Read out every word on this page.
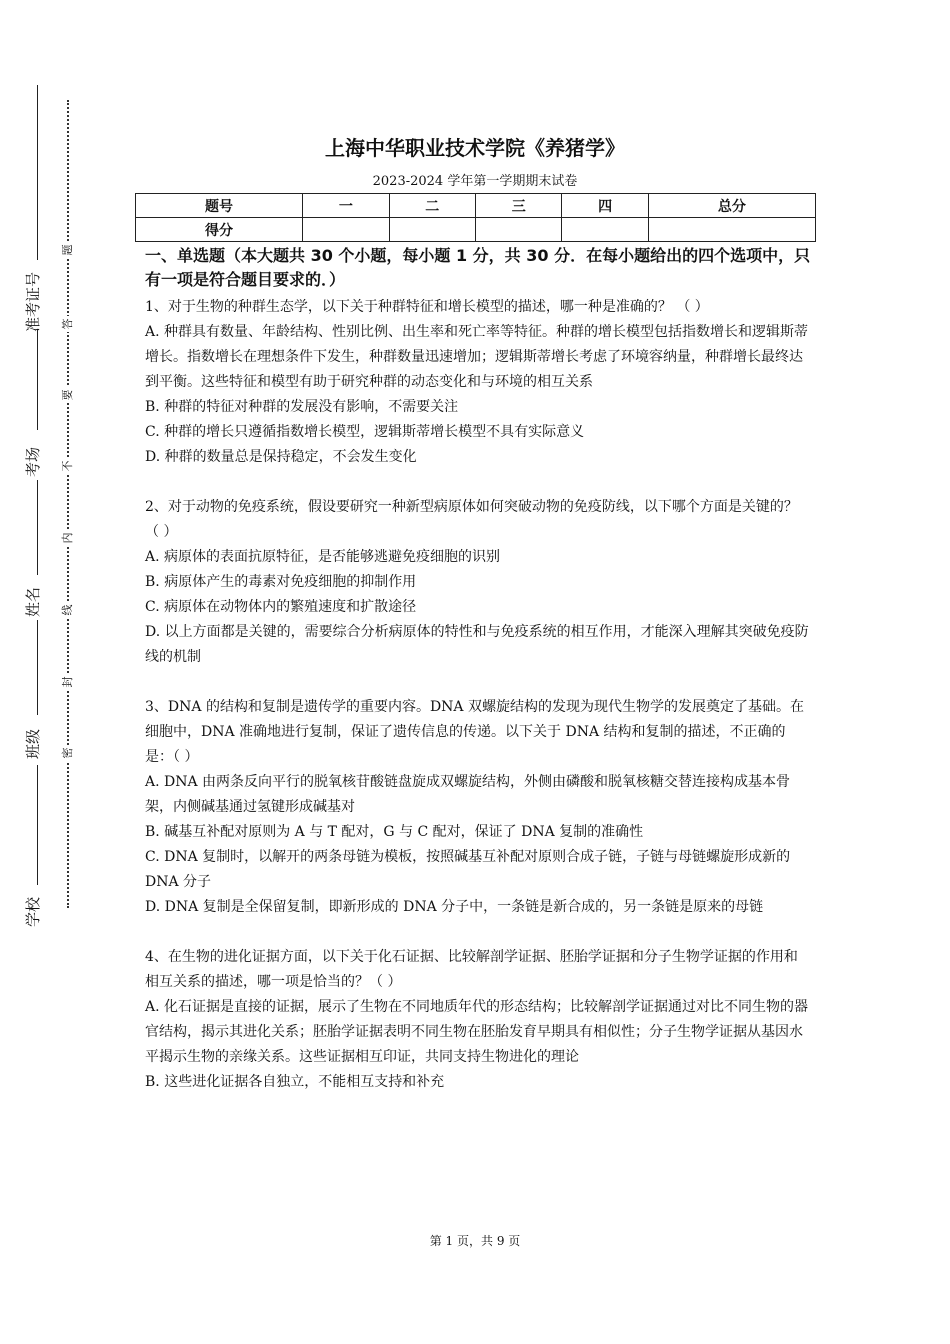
准考证号
考场
姓名
班级
学校
题
答
要
不
内
线
封
密
上海中华职业技术学院《养猪学》
2023-2024 学年第一学期期末试卷
题号	一	二	三	四	总分
得分					
一、单选题（本大题共 30 个小题，每小题 1 分，共 30 分．在每小题给出的四个选项中，只有一项是符合题目要求的．）

1、对于生物的种群生态学，以下关于种群特征和增长模型的描述，哪一种是准确的？ （ ）

A. 种群具有数量、年龄结构、性别比例、出生率和死亡率等特征。种群的增长模型包括指数增长和逻辑斯蒂增长。指数增长在理想条件下发生，种群数量迅速增加；逻辑斯蒂增长考虑了环境容纳量，种群增长最终达到平衡。这些特征和模型有助于研究种群的动态变化和与环境的相互关系

B. 种群的特征对种群的发展没有影响，不需要关注

C. 种群的增长只遵循指数增长模型，逻辑斯蒂增长模型不具有实际意义

D. 种群的数量总是保持稳定，不会发生变化

2、对于动物的免疫系统，假设要研究一种新型病原体如何突破动物的免疫防线，以下哪个方面是关键的？（ ）

A. 病原体的表面抗原特征，是否能够逃避免疫细胞的识别

B. 病原体产生的毒素对免疫细胞的抑制作用

C. 病原体在动物体内的繁殖速度和扩散途径

D. 以上方面都是关键的，需要综合分析病原体的特性和与免疫系统的相互作用，才能深入理解其突破免疫防线的机制

3、DNA 的结构和复制是遗传学的重要内容。DNA 双螺旋结构的发现为现代生物学的发展奠定了基础。在细胞中，DNA 准确地进行复制，保证了遗传信息的传递。以下关于 DNA 结构和复制的描述，不正确的是：（ ）

A. DNA 由两条反向平行的脱氧核苷酸链盘旋成双螺旋结构，外侧由磷酸和脱氧核糖交替连接构成基本骨架，内侧碱基通过氢键形成碱基对

B. 碱基互补配对原则为 A 与 T 配对，G 与 C 配对，保证了 DNA 复制的准确性

C. DNA 复制时，以解开的两条母链为模板，按照碱基互补配对原则合成子链，子链与母链螺旋形成新的 DNA 分子

D. DNA 复制是全保留复制，即新形成的 DNA 分子中，一条链是新合成的，另一条链是原来的母链

4、在生物的进化证据方面，以下关于化石证据、比较解剖学证据、胚胎学证据和分子生物学证据的作用和相互关系的描述，哪一项是恰当的？（ ）

A. 化石证据是直接的证据，展示了生物在不同地质年代的形态结构；比较解剖学证据通过对比不同生物的器官结构，揭示其进化关系；胚胎学证据表明不同生物在胚胎发育早期具有相似性；分子生物学证据从基因水平揭示生物的亲缘关系。这些证据相互印证，共同支持生物进化的理论

B. 这些进化证据各自独立，不能相互支持和补充

第 1 页，共 9 页
